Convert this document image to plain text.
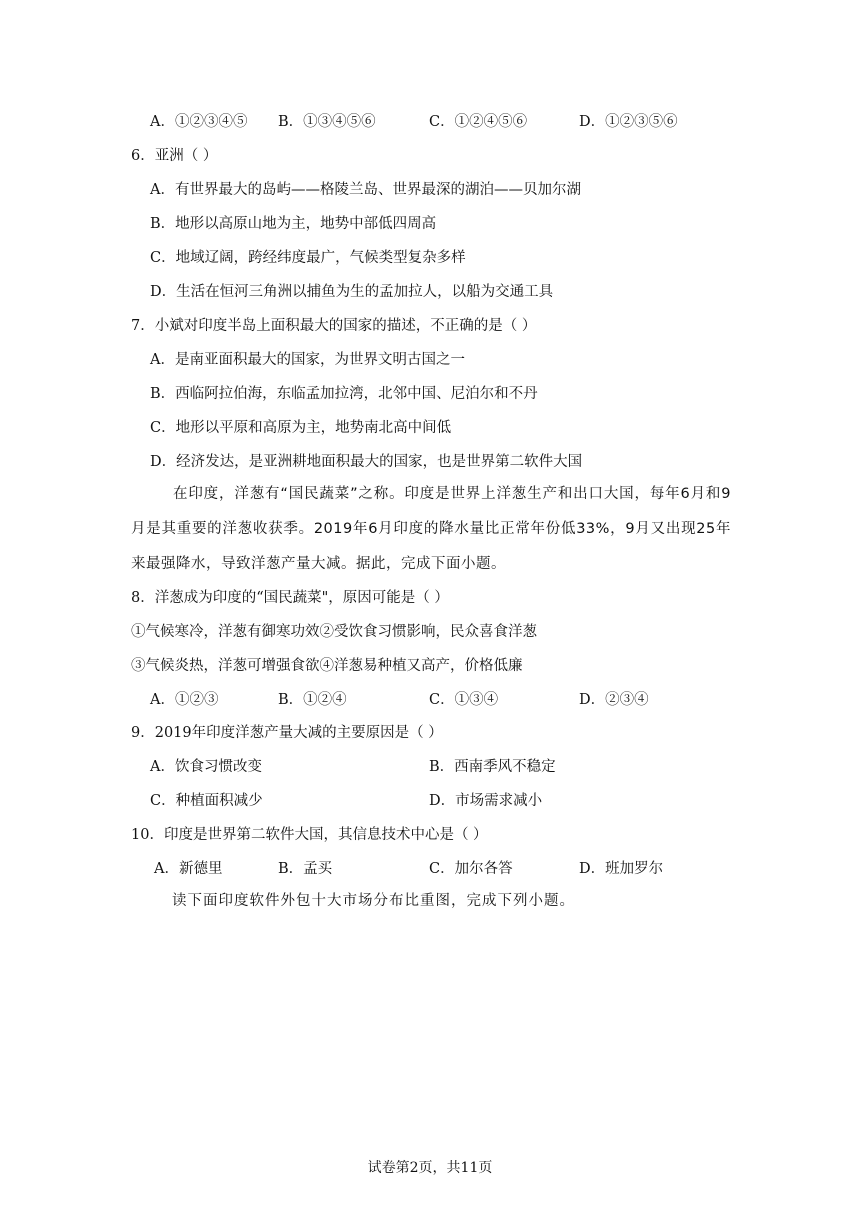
A．①②③④⑤ B．①③④⑤⑥	C．①②④⑤⑥	D．①②③⑤⑥
6．亚洲（ ）
A．有世界最大的岛屿——格陵兰岛、世界最深的湖泊——贝加尔湖
B．地形以高原山地为主，地势中部低四周高
C．地域辽阔，跨经纬度最广，气候类型复杂多样
D．生活在恒河三角洲以捕鱼为生的孟加拉人，以船为交通工具
7．小斌对印度半岛上面积最大的国家的描述，不正确的是（ ）
A．是南亚面积最大的国家，为世界文明古国之一
B．西临阿拉伯海，东临孟加拉湾，北邻中国、尼泊尔和不丹
C．地形以平原和高原为主，地势南北高中间低
D．经济发达，是亚洲耕地面积最大的国家，也是世界第二软件大国
在印度，洋葱有“国民蔬菜”之称。印度是世界上洋葱生产和出口大国，每年6月和9月是其重要的洋葱收获季。2019年6月印度的降水量比正常年份低33%，9月又出现25年来最强降水，导致洋葱产量大减。据此，完成下面小题。
8．洋葱成为印度的“国民蔬菜"，原因可能是（ ）
①气候寒冷，洋葱有御寒功效②受饮食习惯影响，民众喜食洋葱
③气候炎热，洋葱可增强食欲④洋葱易种植又高产，价格低廉
A．①②③	B．①②④	C．①③④	D．②③④
9．2019年印度洋葱产量大减的主要原因是（ ）
A．饮食习惯改变	B．西南季风不稳定
C．种植面积减少	D．市场需求减小
10．印度是世界第二软件大国，其信息技术中心是（ ）
A．新德里	B．孟买	C．加尔各答	D．班加罗尔
读下面印度软件外包十大市场分布比重图，完成下列小题。
试卷第2页，共11页
